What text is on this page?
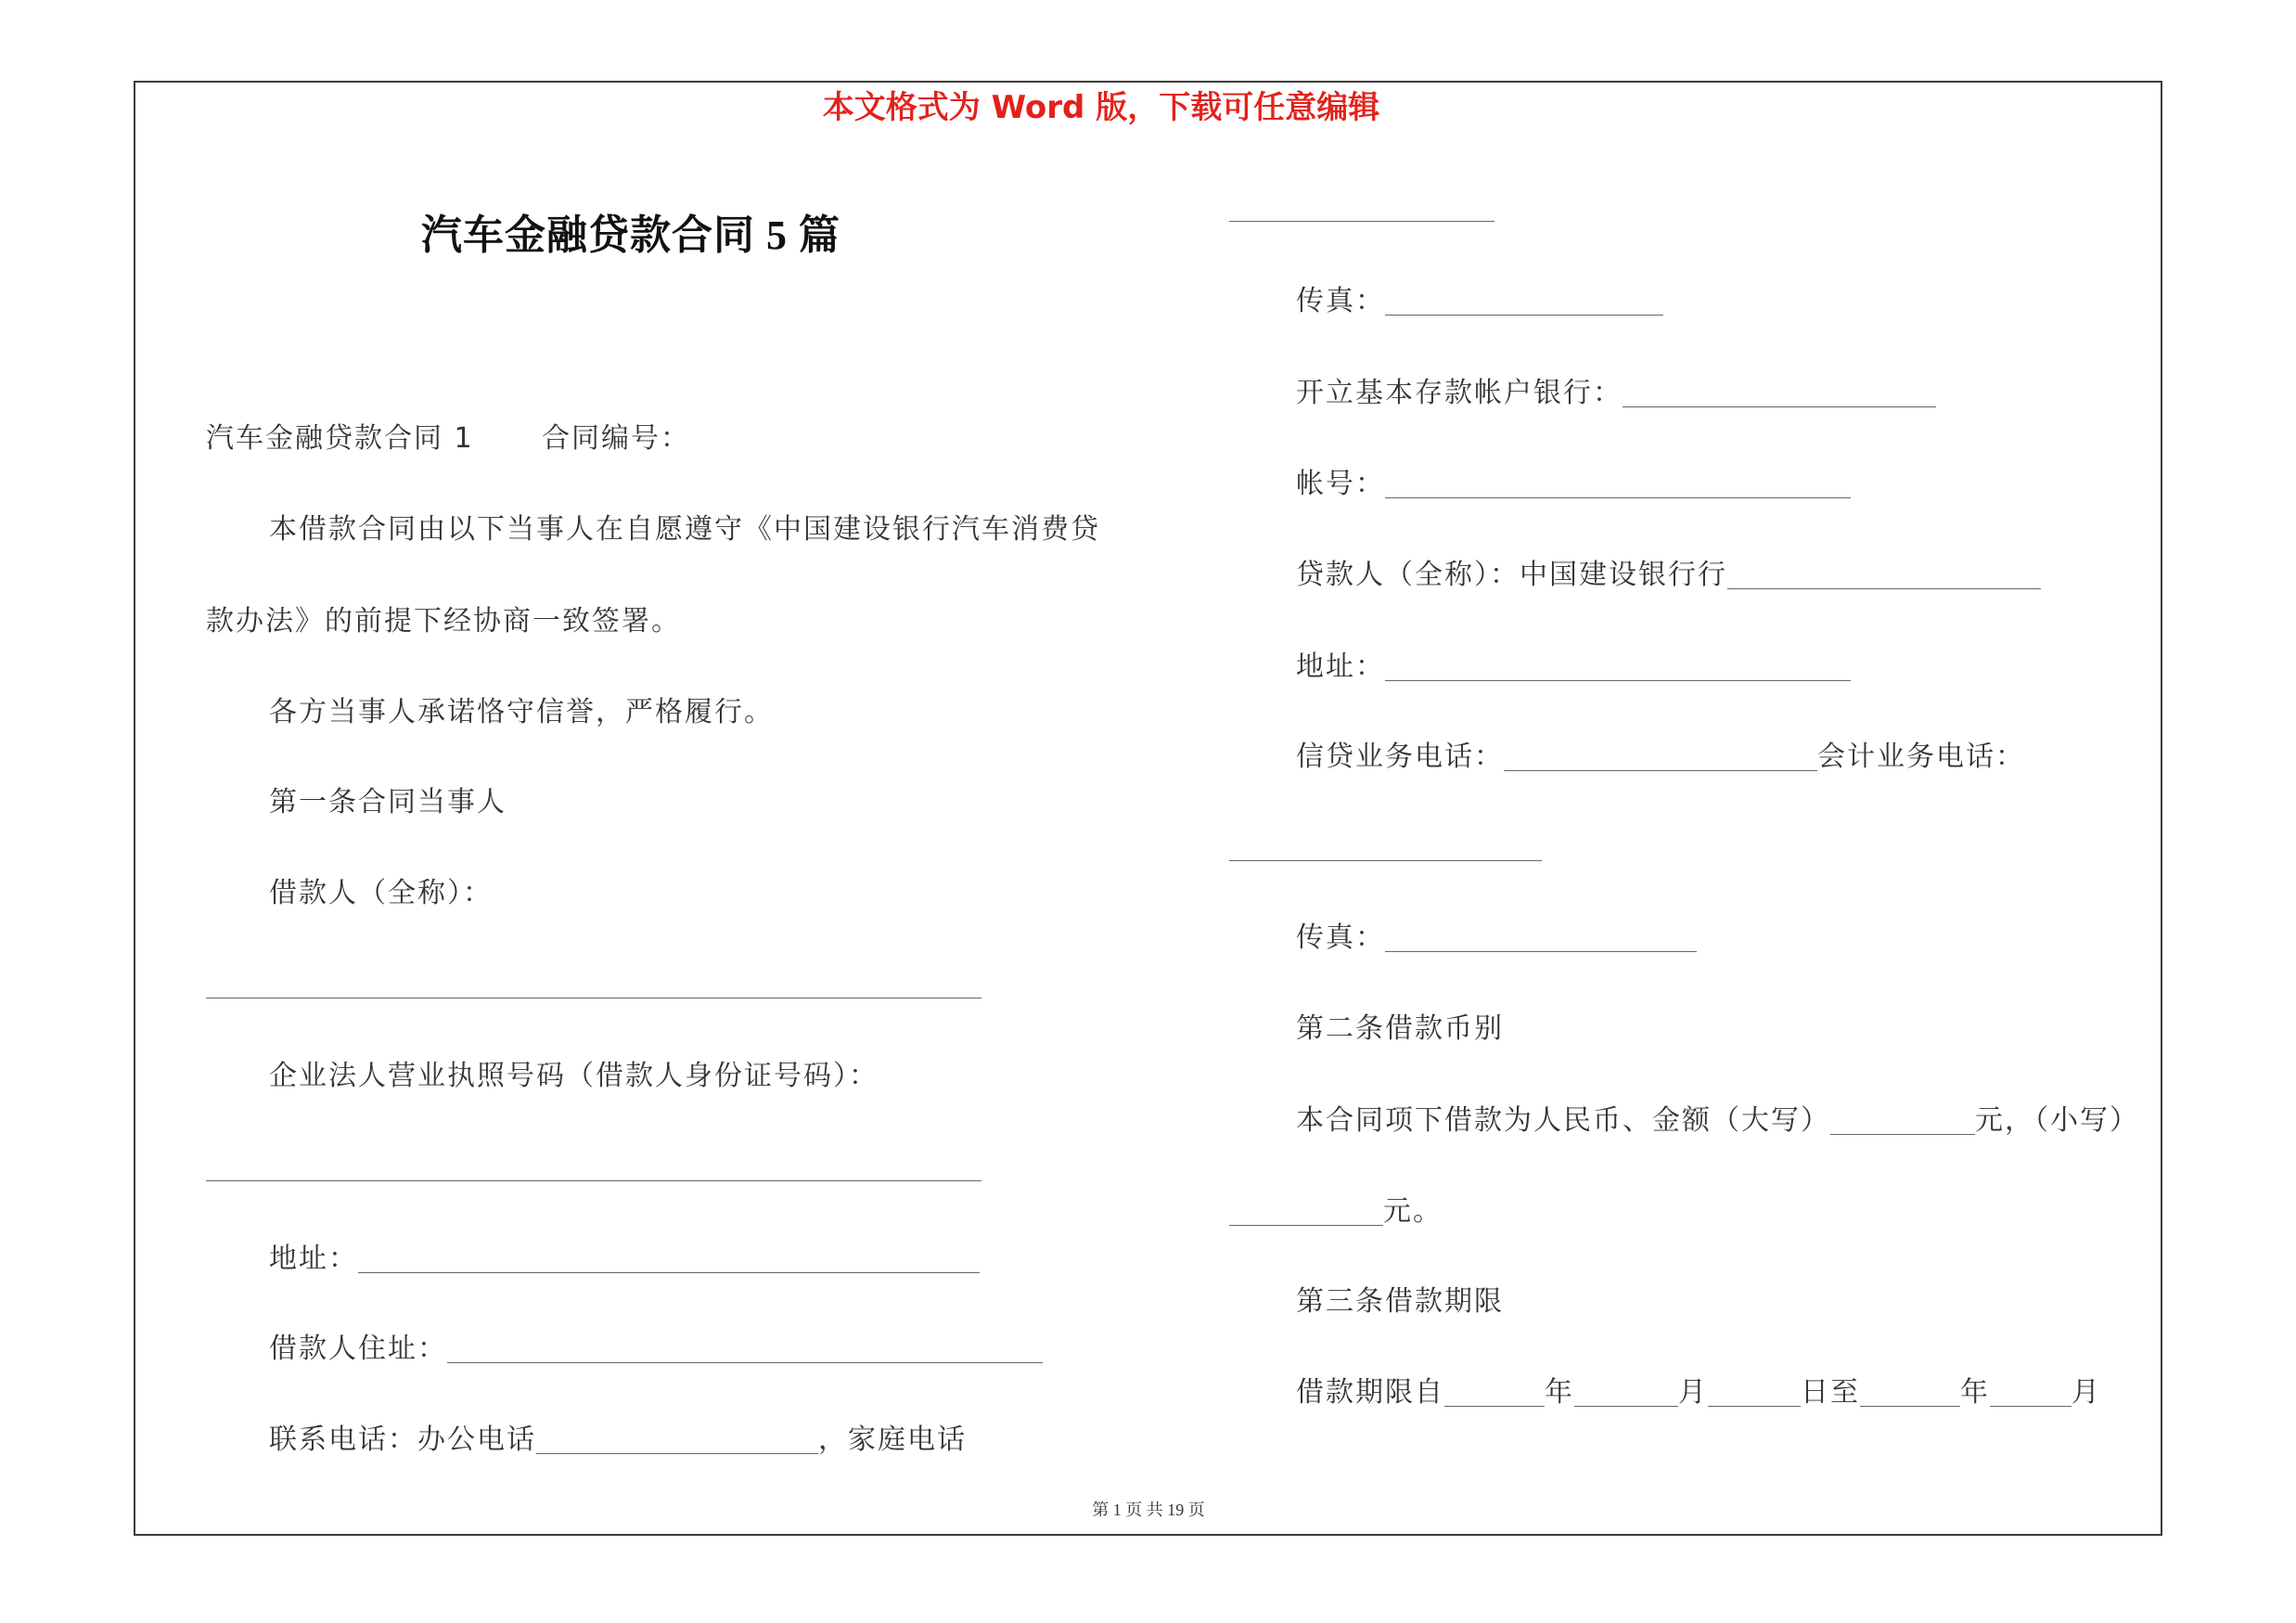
本文格式为 Word 版，下载可任意编辑
汽车金融贷款合同 5 篇
汽车金融贷款合同 1 合同编号：
本借款合同由以下当事人在自愿遵守《中国建设银行汽车消费贷
款办法》的前提下经协商一致签署。
各方当事人承诺恪守信誉，严格履行。
第一条合同当事人
借款人（全称）：
企业法人营业执照号码（借款人身份证号码）：
地址：
借款人住址：
联系电话：办公电话	，家庭电话
传真：
开立基本存款帐户银行：
帐号：
贷款人（全称）：中国建设银行行
地址：
信贷业务电话：	会计业务电话：
传真：
第二条借款币别
本合同项下借款为人民币、金额（大写）	元，（小写）
元。
第三条借款期限
借款期限自	年	月	日至	年	月
第 1 页 共 19 页
